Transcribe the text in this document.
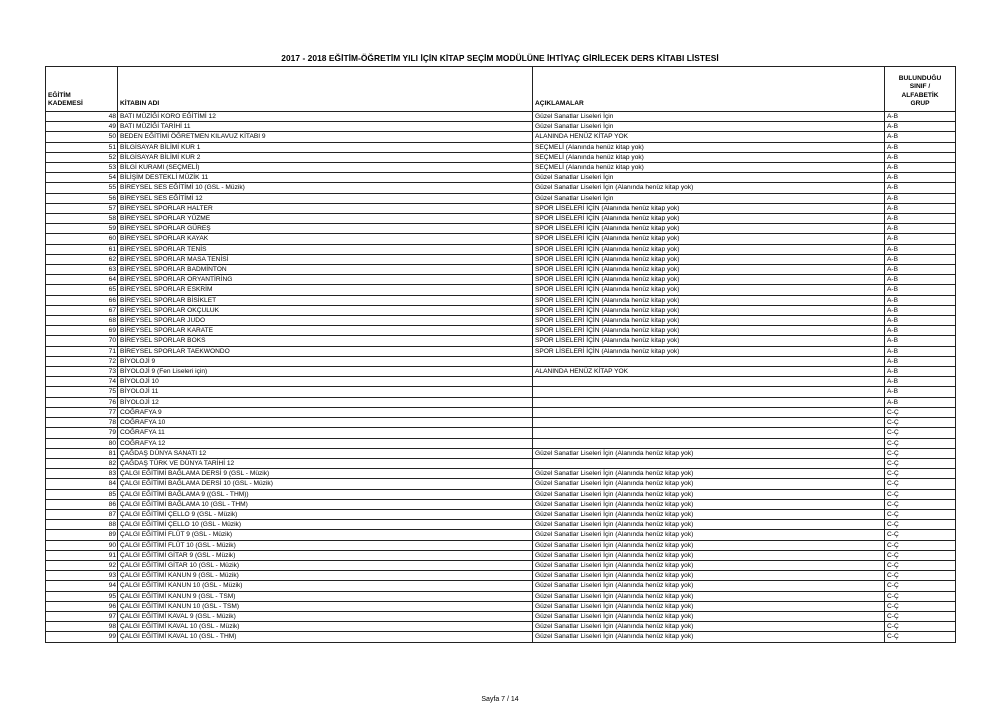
2017 - 2018 EĞİTİM-ÖĞRETİM YILI İÇİN KİTAP SEÇİM MODÜLÜNE İHTİYAÇ GİRİLECEK DERS KİTABI LİSTESİ
EĞİTİM
KADEMESİ		KİTABIN ADI	AÇIKLAMALAR	BULUNDUĞU
SINIF /
ALFABETİK
GRUP

	48	BATI MÜZİĞİ KORO EĞİTİMİ 12	Güzel Sanatlar Liseleri İçin	A-B
	49	BATI MÜZİĞİ TARİHİ 11	Güzel Sanatlar Liseleri İçin	A-B
	50	BEDEN EĞİTİMİ ÖĞRETMEN KILAVUZ KİTABI 9	ALANINDA HENÜZ KİTAP YOK	A-B
	51	BİLGİSAYAR BİLİMİ KUR 1	SEÇMELİ (Alanında henüz kitap yok)	A-B
	52	BİLGİSAYAR BİLİMİ KUR 2	SEÇMELİ (Alanında henüz kitap yok)	A-B
	53	BİLGİ KURAMI (SEÇMELİ)	SEÇMELİ (Alanında henüz kitap yok)	A-B
	54	BİLİŞİM DESTEKLİ MÜZİK 11	Güzel Sanatlar Liseleri İçin	A-B
	55	BİREYSEL SES EĞİTİMİ 10 (GSL - Müzik)	Güzel Sanatlar Liseleri İçin (Alanında henüz kitap yok)	A-B
	56	BİREYSEL SES EĞİTİMİ 12	Güzel Sanatlar Liseleri İçin	A-B
	57	BİREYSEL SPORLAR HALTER	SPOR LİSELERİ İÇİN (Alanında henüz kitap yok)	A-B
	58	BİREYSEL SPORLAR YÜZME	SPOR LİSELERİ İÇİN (Alanında henüz kitap yok)	A-B
	59	BİREYSEL SPORLAR GÜREŞ	SPOR LİSELERİ İÇİN (Alanında henüz kitap yok)	A-B
	60	BİREYSEL SPORLAR KAYAK	SPOR LİSELERİ İÇİN (Alanında henüz kitap yok)	A-B
	61	BİREYSEL SPORLAR TENİS	SPOR LİSELERİ İÇİN (Alanında henüz kitap yok)	A-B
	62	BİREYSEL SPORLAR MASA TENİSİ	SPOR LİSELERİ İÇİN (Alanında henüz kitap yok)	A-B
	63	BİREYSEL SPORLAR BADMİNTON	SPOR LİSELERİ İÇİN (Alanında henüz kitap yok)	A-B
	64	BİREYSEL SPORLAR ORYANTİRİNG	SPOR LİSELERİ İÇİN (Alanında henüz kitap yok)	A-B
	65	BİREYSEL SPORLAR ESKRİM	SPOR LİSELERİ İÇİN (Alanında henüz kitap yok)	A-B
	66	BİREYSEL SPORLAR BİSİKLET	SPOR LİSELERİ İÇİN (Alanında henüz kitap yok)	A-B
	67	BİREYSEL SPORLAR OKÇULUK	SPOR LİSELERİ İÇİN (Alanında henüz kitap yok)	A-B
	68	BİREYSEL SPORLAR JUDO	SPOR LİSELERİ İÇİN (Alanında henüz kitap yok)	A-B
	69	BİREYSEL SPORLAR KARATE	SPOR LİSELERİ İÇİN (Alanında henüz kitap yok)	A-B
	70	BİREYSEL SPORLAR BOKS	SPOR LİSELERİ İÇİN (Alanında henüz kitap yok)	A-B
	71	BİREYSEL SPORLAR TAEKWONDO	SPOR LİSELERİ İÇİN (Alanında henüz kitap yok)	A-B
	72	BİYOLOJİ 9		A-B
	73	BİYOLOJİ 9 (Fen Liseleri için)	ALANINDA HENÜZ KİTAP YOK	A-B
	74	BİYOLOJİ 10		A-B
	75	BİYOLOJİ 11		A-B
	76	BİYOLOJİ 12		A-B
	77	COĞRAFYA 9		C-Ç
	78	COĞRAFYA 10		C-Ç
	79	COĞRAFYA 11		C-Ç
	80	COĞRAFYA 12		C-Ç
	81	ÇAĞDAŞ DÜNYA SANATI 12	Güzel Sanatlar Liseleri İçin (Alanında henüz kitap yok)	C-Ç
	82	ÇAĞDAŞ TÜRK VE DÜNYA TARİHİ 12		C-Ç
	83	ÇALGI EĞİTİMİ BAĞLAMA DERSİ 9 (GSL - Müzik)	Güzel Sanatlar Liseleri İçin (Alanında henüz kitap yok)	C-Ç
	84	ÇALGI EĞİTİMİ BAĞLAMA DERSİ 10 (GSL - Müzik)	Güzel Sanatlar Liseleri İçin (Alanında henüz kitap yok)	C-Ç
	85	ÇALGI EĞİTİMİ BAĞLAMA 9 ((GSL - THM))	Güzel Sanatlar Liseleri İçin (Alanında henüz kitap yok)	C-Ç
	86	ÇALGI EĞİTİMİ BAĞLAMA 10 (GSL - THM)	Güzel Sanatlar Liseleri İçin (Alanında henüz kitap yok)	C-Ç
	87	ÇALGI EĞİTİMİ ÇELLO 9 (GSL - Müzik)	Güzel Sanatlar Liseleri İçin (Alanında henüz kitap yok)	C-Ç
	88	ÇALGI EĞİTİMİ ÇELLO 10 (GSL - Müzik)	Güzel Sanatlar Liseleri İçin (Alanında henüz kitap yok)	C-Ç
	89	ÇALGI EĞİTİMİ FLÜT 9 (GSL - Müzik)	Güzel Sanatlar Liseleri İçin (Alanında henüz kitap yok)	C-Ç
	90	ÇALGI EĞİTİMİ FLÜT 10 (GSL - Müzik)	Güzel Sanatlar Liseleri İçin (Alanında henüz kitap yok)	C-Ç
	91	ÇALGI EĞİTİMİ GİTAR 9 (GSL - Müzik)	Güzel Sanatlar Liseleri İçin (Alanında henüz kitap yok)	C-Ç
	92	ÇALGI EĞİTİMİ GİTAR 10 (GSL - Müzik)	Güzel Sanatlar Liseleri İçin (Alanında henüz kitap yok)	C-Ç
	93	ÇALGI EĞİTİMİ KANUN 9 (GSL - Müzik)	Güzel Sanatlar Liseleri İçin (Alanında henüz kitap yok)	C-Ç
	94	ÇALGI EĞİTİMİ KANUN 10 (GSL - Müzik)	Güzel Sanatlar Liseleri İçin (Alanında henüz kitap yok)	C-Ç
	95	ÇALGI EĞİTİMİ KANUN 9 (GSL - TSM)	Güzel Sanatlar Liseleri İçin (Alanında henüz kitap yok)	C-Ç
	96	ÇALGI EĞİTİMİ KANUN 10 (GSL - TSM)	Güzel Sanatlar Liseleri İçin (Alanında henüz kitap yok)	C-Ç
	97	ÇALGI EĞİTİMİ KAVAL 9 (GSL - Müzik)	Güzel Sanatlar Liseleri İçin (Alanında henüz kitap yok)	C-Ç
	98	ÇALGI EĞİTİMİ KAVAL 10 (GSL - Müzik)	Güzel Sanatlar Liseleri İçin (Alanında henüz kitap yok)	C-Ç
	99	ÇALGI EĞİTİMİ KAVAL 10 (GSL - THM)	Güzel Sanatlar Liseleri İçin (Alanında henüz kitap yok)	C-Ç
Sayfa 7 / 14
